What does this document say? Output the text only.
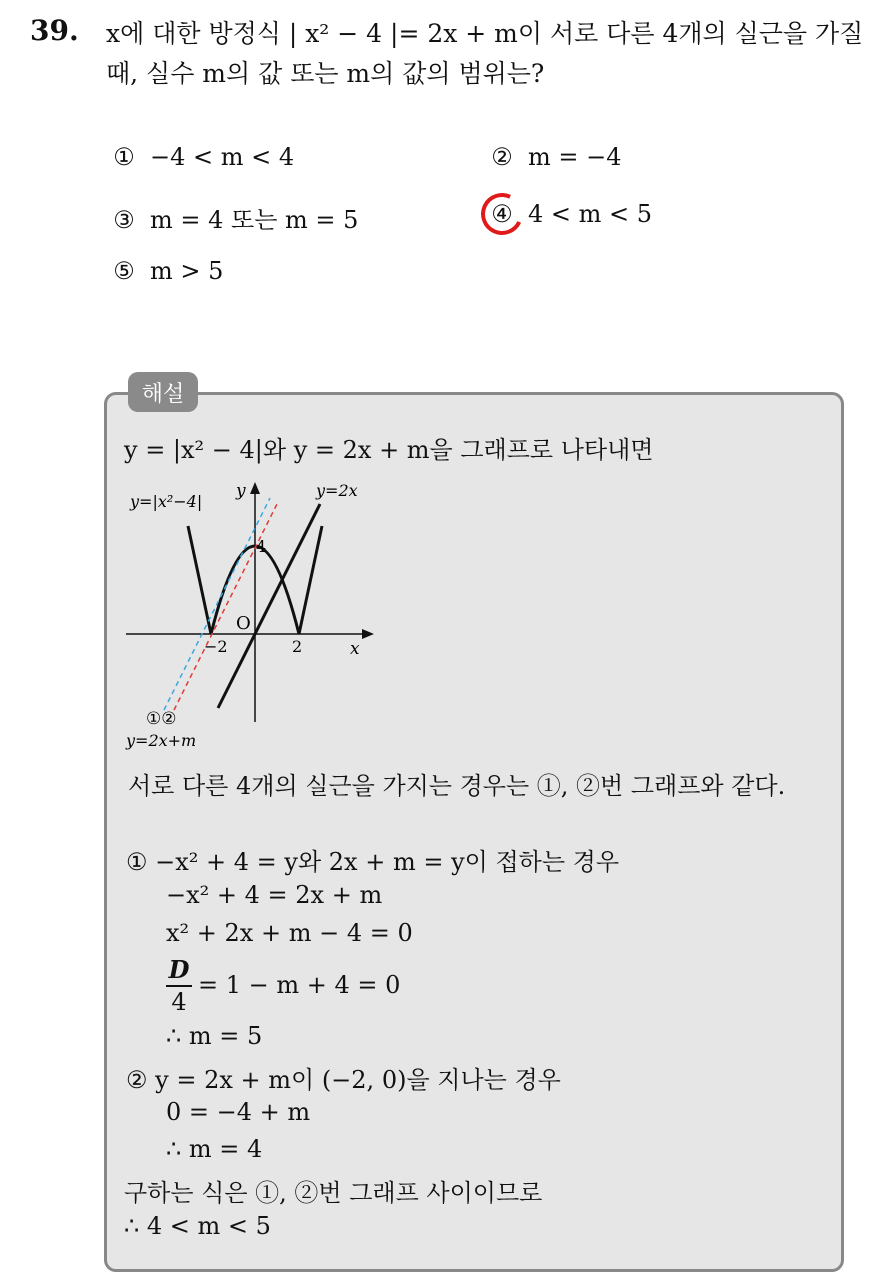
39. x에 대한 방정식 | x² − 4 |= 2x + m이 서로 다른 4개의 실근을 가질
때, 실수 m의 값 또는 m의 값의 범위는?
① −4 < m < 4	② m = −4
③ m = 4 또는 m = 5	④ 4 < m < 5
⑤ m > 5
해설
y = |x² − 4|와 y = 2x + m을 그래프로 나타내면
y=|x²−4|
y	y=2x
4
O
−2	2	x
①②
y=2x+m
서로 다른 4개의 실근을 가지는 경우는 ①, ②번 그래프와 같다.
① −x² + 4 = y와 2x + m = y이 접하는 경우
−x² + 4 = 2x + m
x² + 2x + m − 4 = 0
D
4
= 1 − m + 4 = 0
∴ m = 5
② y = 2x + m이 (−2, 0)을 지나는 경우
0 = −4 + m
∴ m = 4
구하는 식은 ①, ②번 그래프 사이이므로
∴ 4 < m < 5
